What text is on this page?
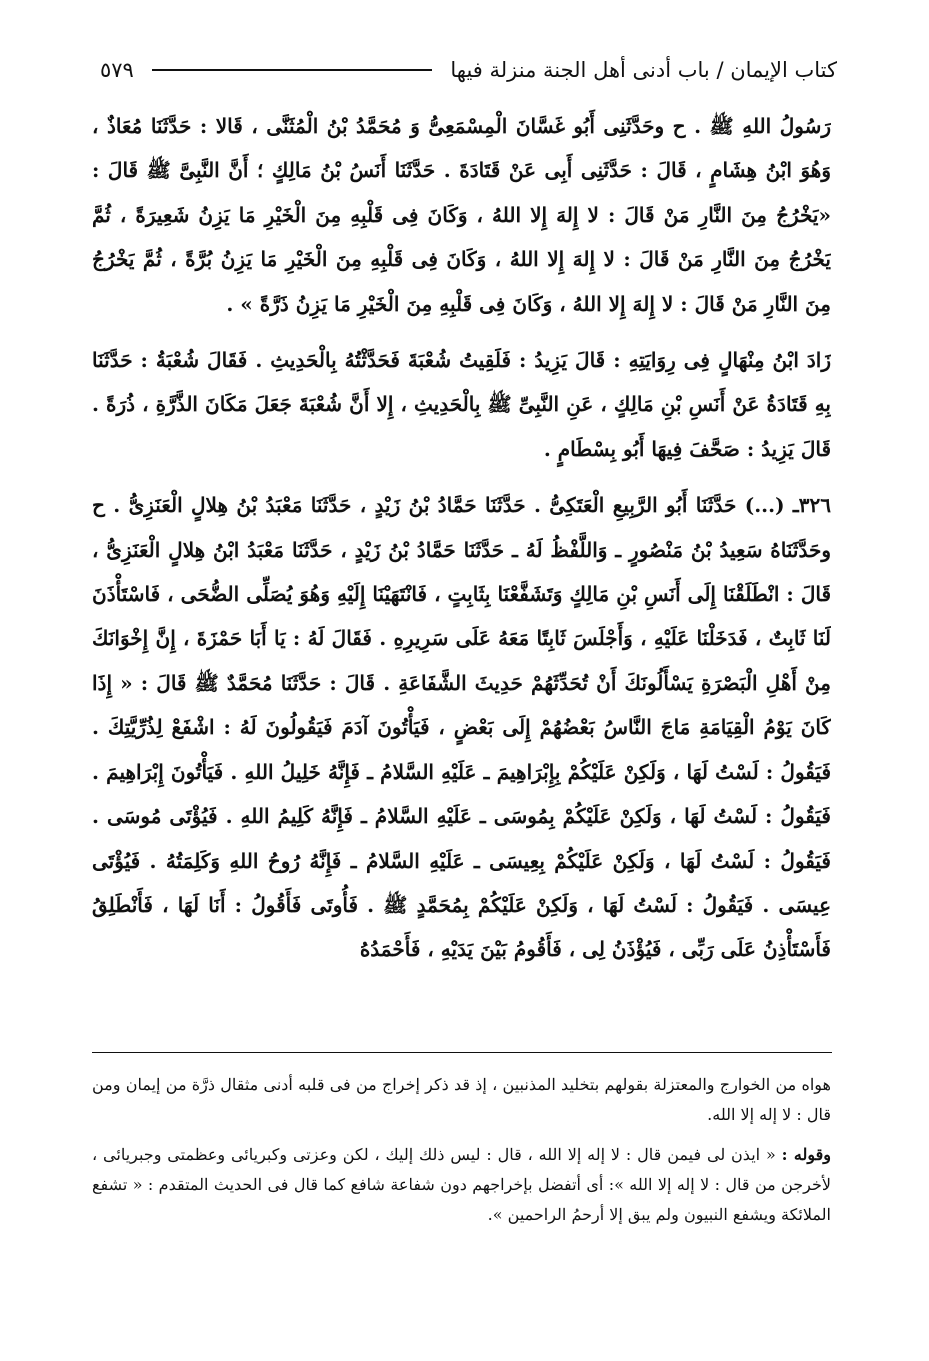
كتاب الإيمان / باب أدنى أهل الجنة منزلة فيها
٥٧٩

رَسُولُ اللهِ ﷺ . ح وحَدَّثَنِى أَبُو غَسَّانَ الْمِسْمَعِىُّ وَ مُحَمَّدُ بْنُ الْمُثَنَّى ، قَالا : حَدَّثَنَا مُعَاذٌ ، وَهُوَ ابْنُ هِشَامٍ ، قَالَ : حَدَّثَنِى أَبِى عَنْ قَتَادَةَ . حَدَّثَنَا أَنَسُ بْنُ مَالِكٍ ؛ أَنَّ النَّبِىَّ ﷺ قَالَ : «يَخْرُجُ مِنَ النَّارِ مَنْ قَالَ : لا إِلهَ إِلا اللهُ ، وَكَانَ فِى قَلْبِهِ مِنَ الْخَيْرِ مَا يَزِنُ شَعِيرَةً ، ثُمَّ يَخْرُجُ مِنَ النَّارِ مَنْ قَالَ : لا إِلهَ إِلا اللهُ ، وَكَانَ فِى قَلْبِهِ مِنَ الْخَيْرِ مَا يَزِنُ بُرَّةً ، ثُمَّ يَخْرُجُ مِنَ النَّارِ مَنْ قَالَ : لا إِلهَ إِلا اللهُ ، وَكَانَ فِى قَلْبِهِ مِنَ الْخَيْرِ مَا يَزِنُ ذَرَّةً » .

زَادَ ابْنُ مِنْهَالٍ فِى رِوَايَتِهِ : قَالَ يَزِيدُ : فَلَقِيتُ شُعْبَةَ فَحَدَّثْتُهُ بِالْحَدِيثِ . فَقَالَ شُعْبَةُ : حَدَّثَنَا بِهِ قَتَادَةُ عَنْ أَنَسِ بْنِ مَالِكٍ ، عَنِ النَّبِىِّ ﷺ بِالْحَدِيثِ ، إِلا أَنَّ شُعْبَةَ جَعَلَ مَكَانَ الذَّرَّةِ ، ذُرَةً . قَالَ يَزِيدُ : صَحَّفَ فِيهَا أَبُو بِسْطَامٍ .

٣٢٦ـ (...) حَدَّثَنَا أَبُو الرَّبِيعِ الْعَتَكِىُّ . حَدَّثَنَا حَمَّادُ بْنُ زَيْدٍ ، حَدَّثَنَا مَعْبَدُ بْنُ هِلالٍ الْعَنَزِىُّ . ح وحَدَّثَنَاهُ سَعِيدُ بْنُ مَنْصُورٍ ـ وَاللَّفْظُ لَهُ ـ حَدَّثَنَا حَمَّادُ بْنُ زَيْدٍ ، حَدَّثَنَا مَعْبَدُ ابْنُ هِلالٍ الْعَنَزِىُّ ، قَالَ : انْطَلَقْنَا إِلَى أَنَسِ بْنِ مَالِكٍ وَتَشَفَّعْنَا بِثَابِتٍ ، فَانْتَهَيْنَا إِلَيْهِ وَهُوَ يُصَلِّى الضُّحَى ، فَاسْتَأْذَنَ لَنَا ثَابِتٌ ، فَدَخَلْنَا عَلَيْهِ ، وَأَجْلَسَ ثَابِتًا مَعَهُ عَلَى سَرِيرِهِ . فَقَالَ لَهُ : يَا أَبَا حَمْزَةَ ، إِنَّ إِخْوَانَكَ مِنْ أَهْلِ الْبَصْرَةِ يَسْأَلُونَكَ أَنْ تُحَدِّثَهُمْ حَدِيثَ الشَّفَاعَةِ . قَالَ : حَدَّثَنَا مُحَمَّدٌ ﷺ قَالَ : « إِذَا كَانَ يَوْمُ الْقِيَامَةِ مَاجَ النَّاسُ بَعْضُهُمْ إِلَى بَعْضٍ ، فَيَأْتُونَ آدَمَ فَيَقُولُونَ لَهُ : اشْفَعْ لِذُرِّيَّتِكَ . فَيَقُولُ : لَسْتُ لَهَا ، وَلَكِنْ عَلَيْكُمْ بِإِبْرَاهِيمَ ـ عَلَيْهِ السَّلامُ ـ فَإِنَّهُ خَلِيلُ اللهِ . فَيَأْتُونَ إِبْرَاهِيمَ . فَيَقُولُ : لَسْتُ لَهَا ، وَلَكِنْ عَلَيْكُمْ بِمُوسَى ـ عَلَيْهِ السَّلامُ ـ فَإِنَّهُ كَلِيمُ اللهِ . فَيُؤْتَى مُوسَى . فَيَقُولُ : لَسْتُ لَهَا ، وَلَكِنْ عَلَيْكُمْ بِعِيسَى ـ عَلَيْهِ السَّلامُ ـ فَإِنَّهُ رُوحُ اللهِ وَكَلِمَتُهُ . فَيُؤْتَى عِيسَى . فَيَقُولُ : لَسْتُ لَهَا ، وَلَكِنْ عَلَيْكُمْ بِمُحَمَّدٍ ﷺ . فَأُوتَى فَأَقُولُ : أَنَا لَهَا ، فَأَنْطَلِقُ فَأَسْتَأْذِنُ عَلَى رَبِّى ، فَيُؤْذَنُ لِى ، فَأَقُومُ بَيْنَ يَدَيْهِ ، فَأَحْمَدُهُ

هواه من الخوارج والمعتزلة بقولهم بتخليد المذنبين ، إذ قد ذكر إخراج من فى قلبه أدنى مثقال ذرَّة من إيمان ومن قال : لا إله إلا الله.

وقوله : « ايذن لى فيمن قال : لا إله إلا الله ، قال : ليس ذلك إليك ، لكن وعزتى وكبريائى وعظمتى وجبريائى ، لأخرجن من قال : لا إله إلا الله »: أى أتفضل بإخراجهم دون شفاعة شافع كما قال فى الحديث المتقدم : « تشفع الملائكة ويشفع النبيون ولم يبق إلا أرحمُ الراحمين ».
